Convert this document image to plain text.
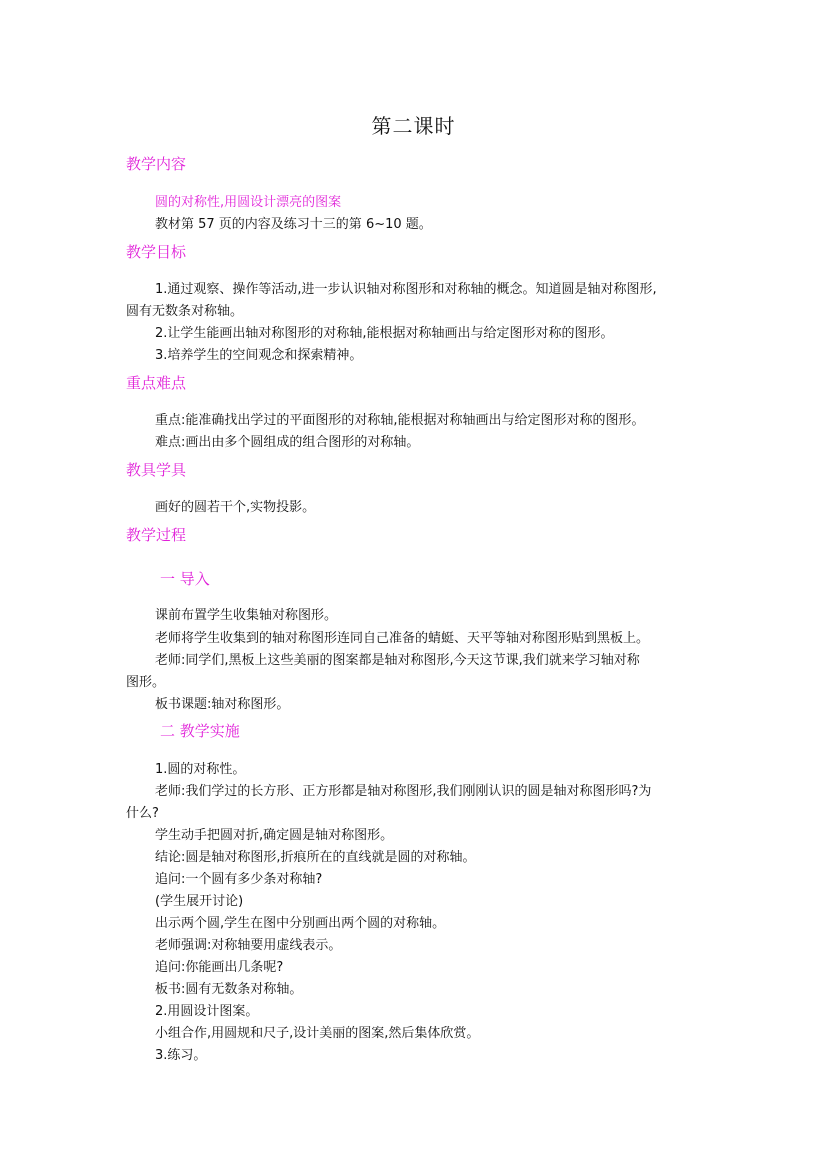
第二课时
教学内容
圆的对称性,用圆设计漂亮的图案
教材第 57 页的内容及练习十三的第 6~10 题。
教学目标
1.通过观察、操作等活动,进一步认识轴对称图形和对称轴的概念。知道圆是轴对称图形,
圆有无数条对称轴。
2.让学生能画出轴对称图形的对称轴,能根据对称轴画出与给定图形对称的图形。
3.培养学生的空间观念和探索精神。
重点难点
重点:能准确找出学过的平面图形的对称轴,能根据对称轴画出与给定图形对称的图形。
难点:画出由多个圆组成的组合图形的对称轴。
教具学具
画好的圆若干个,实物投影。
教学过程
一 导入
课前布置学生收集轴对称图形。
老师将学生收集到的轴对称图形连同自己准备的蜻蜓、天平等轴对称图形贴到黑板上。
老师:同学们,黑板上这些美丽的图案都是轴对称图形,今天这节课,我们就来学习轴对称
图形。
板书课题:轴对称图形。
二 教学实施
1.圆的对称性。
老师:我们学过的长方形、正方形都是轴对称图形,我们刚刚认识的圆是轴对称图形吗?为
什么?
学生动手把圆对折,确定圆是轴对称图形。
结论:圆是轴对称图形,折痕所在的直线就是圆的对称轴。
追问:一个圆有多少条对称轴?
(学生展开讨论)
出示两个圆,学生在图中分别画出两个圆的对称轴。
老师强调:对称轴要用虚线表示。
追问:你能画出几条呢?
板书:圆有无数条对称轴。
2.用圆设计图案。
小组合作,用圆规和尺子,设计美丽的图案,然后集体欣赏。
3.练习。
